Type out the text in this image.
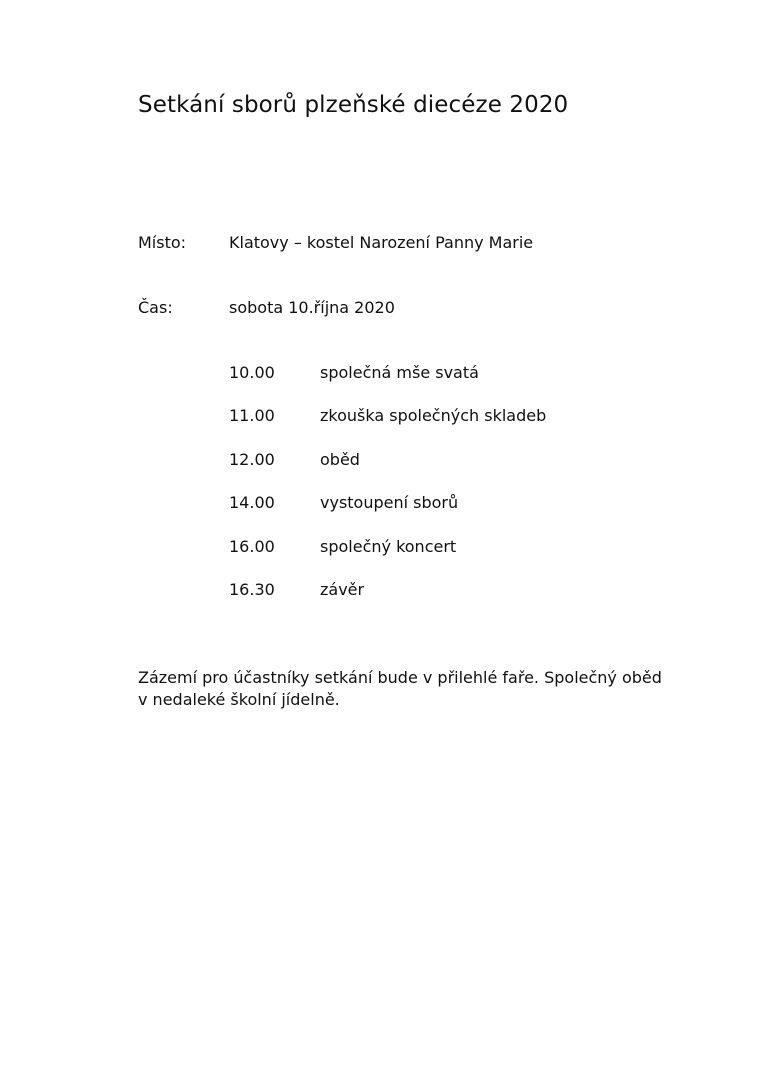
Setkání sborů plzeňské diecéze 2020
Místo:	Klatovy – kostel Narození Panny Marie
Čas:	sobota 10.října 2020
10.00	společná mše svatá
11.00	zkouška společných skladeb
12.00	oběd
14.00	vystoupení sborů
16.00	společný koncert
16.30	závěr

Zázemí pro účastníky setkání bude v přilehlé faře. Společný oběd
v nedaleké školní jídelně.
